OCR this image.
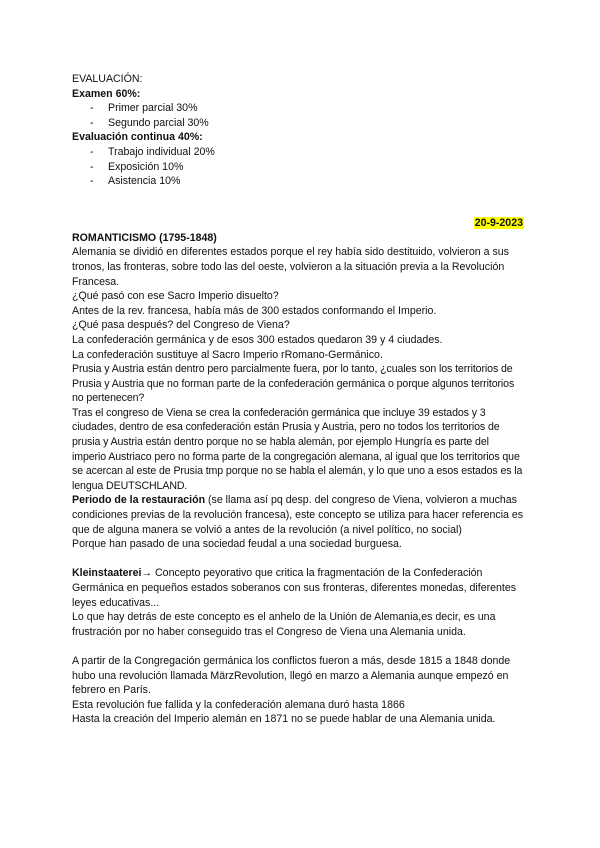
EVALUACIÓN:

Examen 60%:

- Primer parcial 30%
- Segundo parcial 30%

Evaluación continua 40%:

- Trabajo individual 20%
- Exposición 10%
- Asistencia 10%
20-9-2023

ROMANTICISMO (1795-1848)

Alemania se dividió en diferentes estados porque el rey había sido destituido, volvieron a sus tronos, las fronteras, sobre todo las del oeste, volvieron a la situación previa a la Revolución Francesa.

¿Qué pasó con ese Sacro Imperio disuelto?

Antes de la rev. francesa, había más de 300 estados conformando el Imperio.

¿Qué pasa después? del Congreso de Viena?

La confederación germánica y de esos 300 estados quedaron 39 y 4 ciudades.

La confederación sustituye al Sacro Imperio rRomano-Germánico.

Prusia y Austria están dentro pero parcialmente fuera, por lo tanto, ¿cuales son los territorios de Prusia y Austria que no forman parte de la confederación germánica o porque algunos territorios no pertenecen?

Tras el congreso de Viena se crea la confederación germánica que incluye 39 estados y 3 ciudades, dentro de esa confederación están Prusia y Austria, pero no todos los territorios de prusia y Austria están dentro porque no se habla alemán, por ejemplo Hungría es parte del imperio Austriaco pero no forma parte de la congregación alemana, al igual que los territorios que se acercan al este de Prusia tmp porque no se habla el alemán, y lo que uno a esos estados es la lengua DEUTSCHLAND.

Periodo de la restauración (se llama así pq desp. del congreso de Viena, volvieron a muchas condiciones previas de la revolución francesa), este concepto se utiliza para hacer referencia es que de alguna manera se volvió a antes de la revolución (a nivel político, no social)

Porque han pasado de una sociedad feudal a una sociedad burguesa.

Kleinstaaterei→ Concepto peyorativo que critica la fragmentación de la Confederación Germánica en pequeños estados soberanos con sus fronteras, diferentes monedas, diferentes leyes educativas...

Lo que hay detrás de este concepto es el anhelo de la Unión de Alemania,es decir, es una frustración por no haber conseguido tras el Congreso de Viena una Alemania unida.

A partir de la Congregación germánica los conflictos fueron a más, desde 1815 a 1848 donde hubo una revolución llamada MärzRevolution, llegó en marzo a Alemania aunque empezó en febrero en París.

Esta revolución fue fallida y la confederación alemana duró hasta 1866

Hasta la creación del Imperio alemán en 1871 no se puede hablar de una Alemania unida.
